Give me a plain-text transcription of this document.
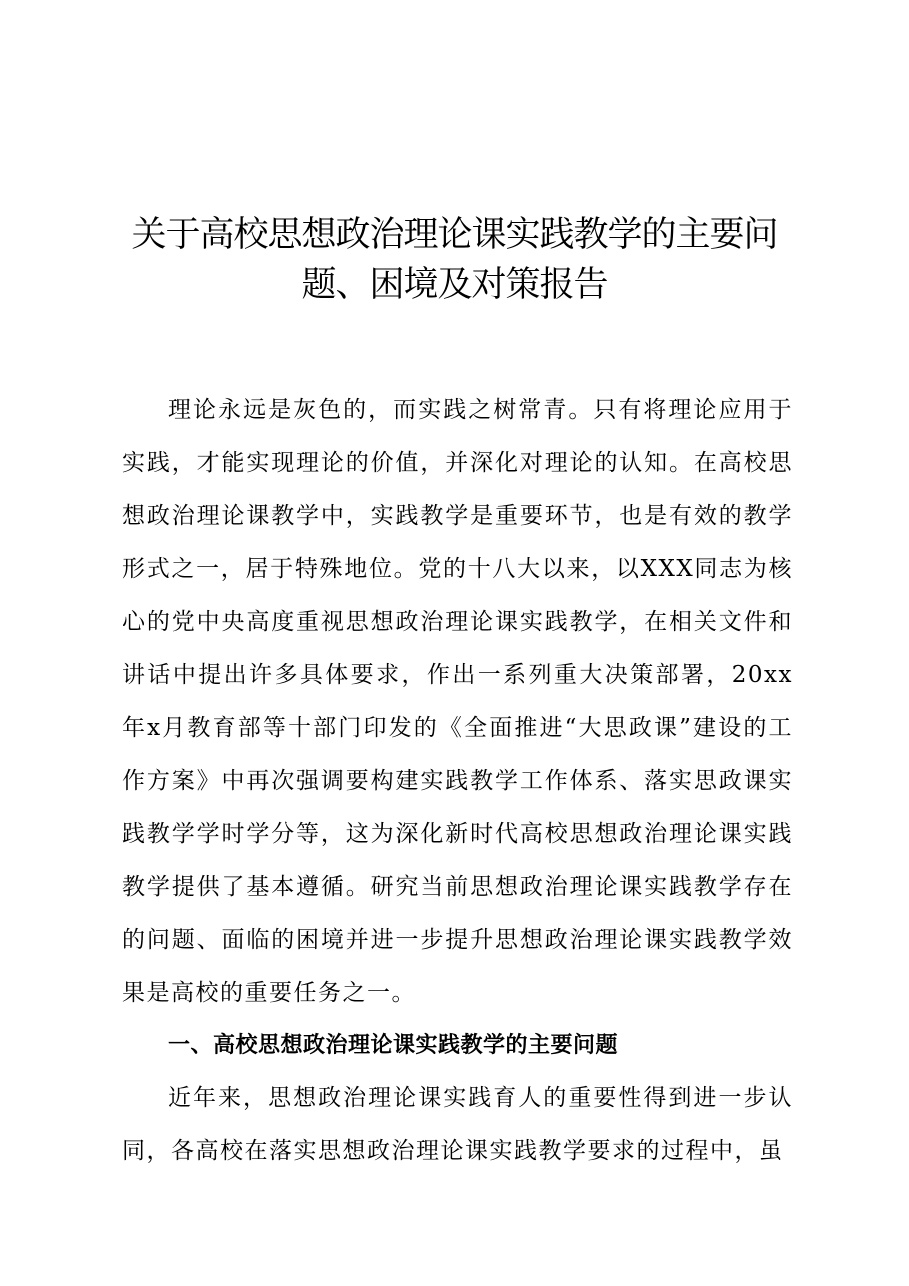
关于高校思想政治理论课实践教学的主要问
题、困境及对策报告

理论永远是灰色的，而实践之树常青。只有将理论应用于实践，才能实现理论的价值，并深化对理论的认知。在高校思想政治理论课教学中，实践教学是重要环节，也是有效的教学形式之一，居于特殊地位。党的十八大以来，以XXX同志为核心的党中央高度重视思想政治理论课实践教学，在相关文件和讲话中提出许多具体要求，作出一系列重大决策部署，20xx年x月教育部等十部门印发的《全面推进“大思政课”建设的工作方案》中再次强调要构建实践教学工作体系、落实思政课实践教学学时学分等，这为深化新时代高校思想政治理论课实践教学提供了基本遵循。研究当前思想政治理论课实践教学存在的问题、面临的困境并进一步提升思想政治理论课实践教学效果是高校的重要任务之一。

一、高校思想政治理论课实践教学的主要问题

近年来，思想政治理论课实践育人的重要性得到进一步认同，各高校在落实思想政治理论课实践教学要求的过程中，虽
